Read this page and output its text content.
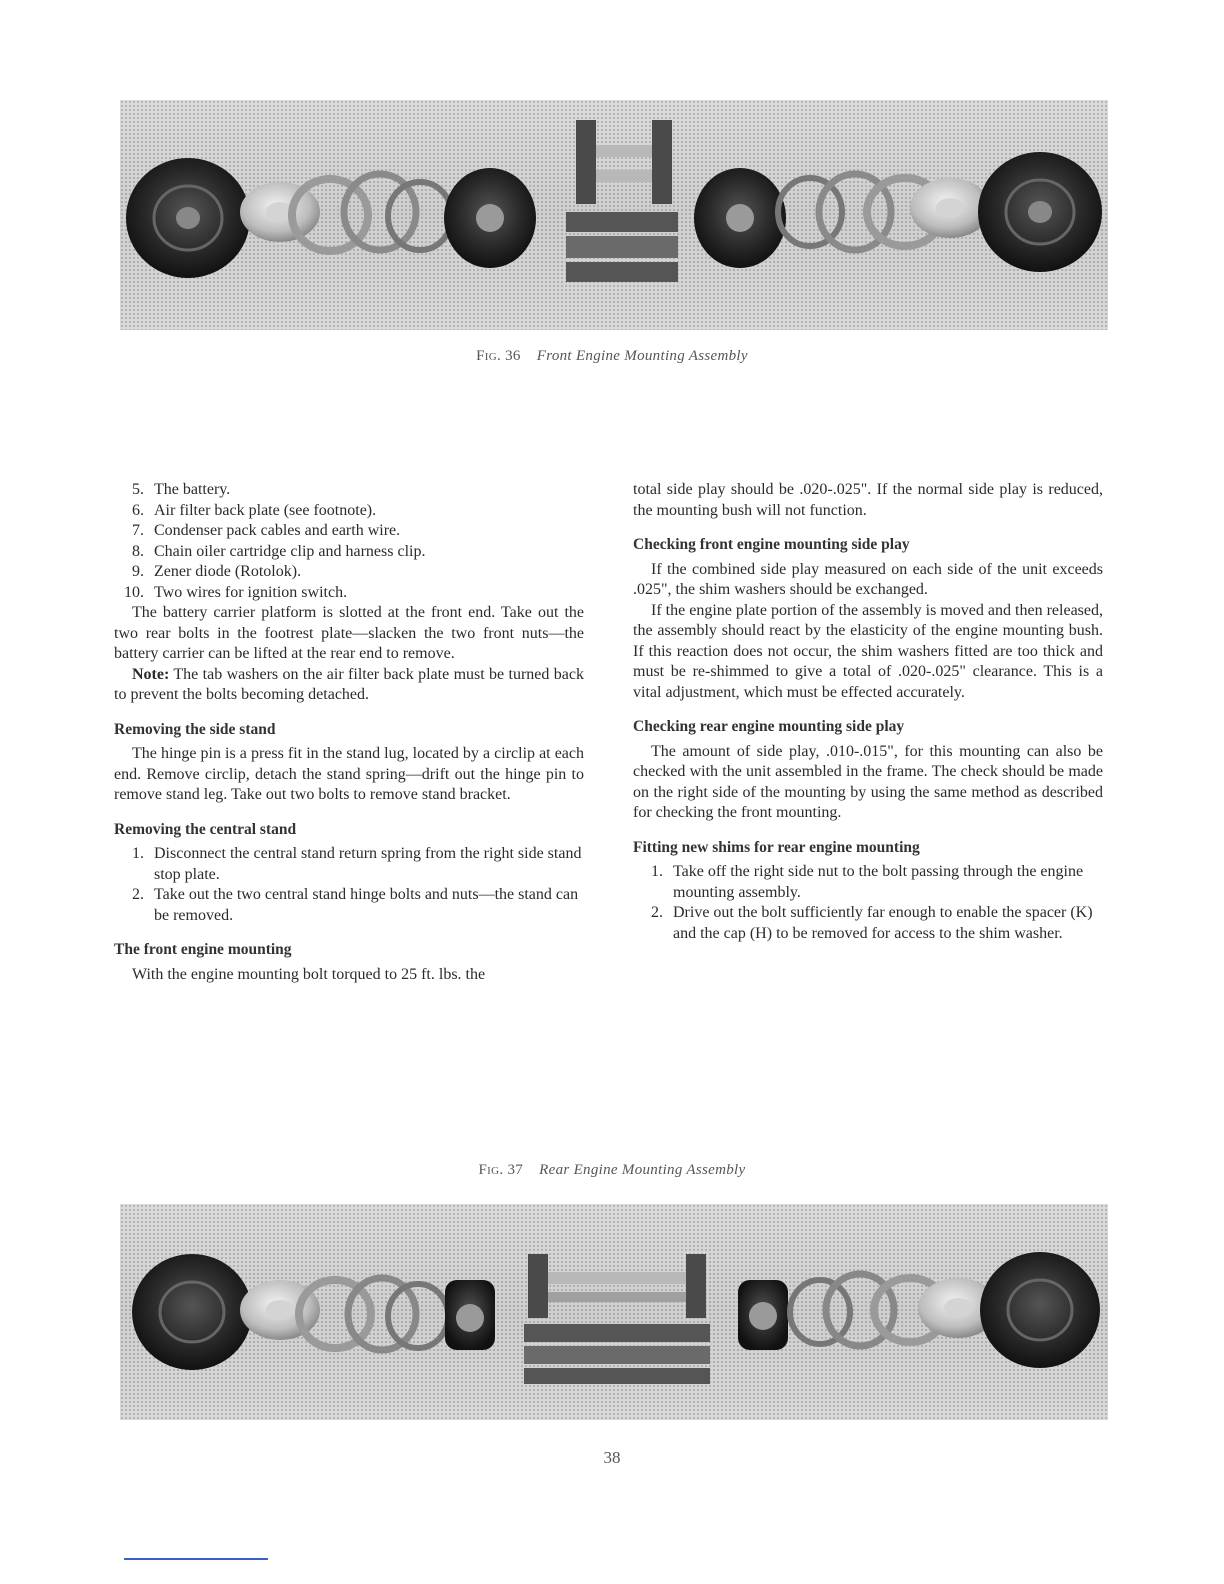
Fig. 36 Front Engine Mounting Assembly
5. The battery.
6. Air filter back plate (see footnote).
7. Condenser pack cables and earth wire.
8. Chain oiler cartridge clip and harness clip.
9. Zener diode (Rotolok).
10. Two wires for ignition switch.

The battery carrier platform is slotted at the front end. Take out the two rear bolts in the footrest plate—slacken the two front nuts—the battery carrier can be lifted at the rear end to remove.

Note: The tab washers on the air filter back plate must be turned back to prevent the bolts becoming detached.

Removing the side stand

The hinge pin is a press fit in the stand lug, located by a circlip at each end. Remove circlip, detach the stand spring—drift out the hinge pin to remove stand leg. Take out two bolts to remove stand bracket.

Removing the central stand
1. Disconnect the central stand return spring from the right side stand stop plate.
2. Take out the two central stand hinge bolts and nuts—the stand can be removed.
The front engine mounting

With the engine mounting bolt torqued to 25 ft. lbs. the

total side play should be .020-.025". If the normal side play is reduced, the mounting bush will not function.

Checking front engine mounting side play

If the combined side play measured on each side of the unit exceeds .025", the shim washers should be exchanged.

If the engine plate portion of the assembly is moved and then released, the assembly should react by the elasticity of the engine mounting bush. If this reaction does not occur, the shim washers fitted are too thick and must be re-shimmed to give a total of .020-.025" clearance. This is a vital adjustment, which must be effected accurately.

Checking rear engine mounting side play

The amount of side play, .010-.015", for this mounting can also be checked with the unit assembled in the frame. The check should be made on the right side of the mounting by using the same method as described for checking the front mounting.

Fitting new shims for rear engine mounting
1. Take off the right side nut to the bolt passing through the engine mounting assembly.
2. Drive out the bolt sufficiently far enough to enable the spacer (K) and the cap (H) to be removed for access to the shim washer.
Fig. 37 Rear Engine Mounting Assembly
38
